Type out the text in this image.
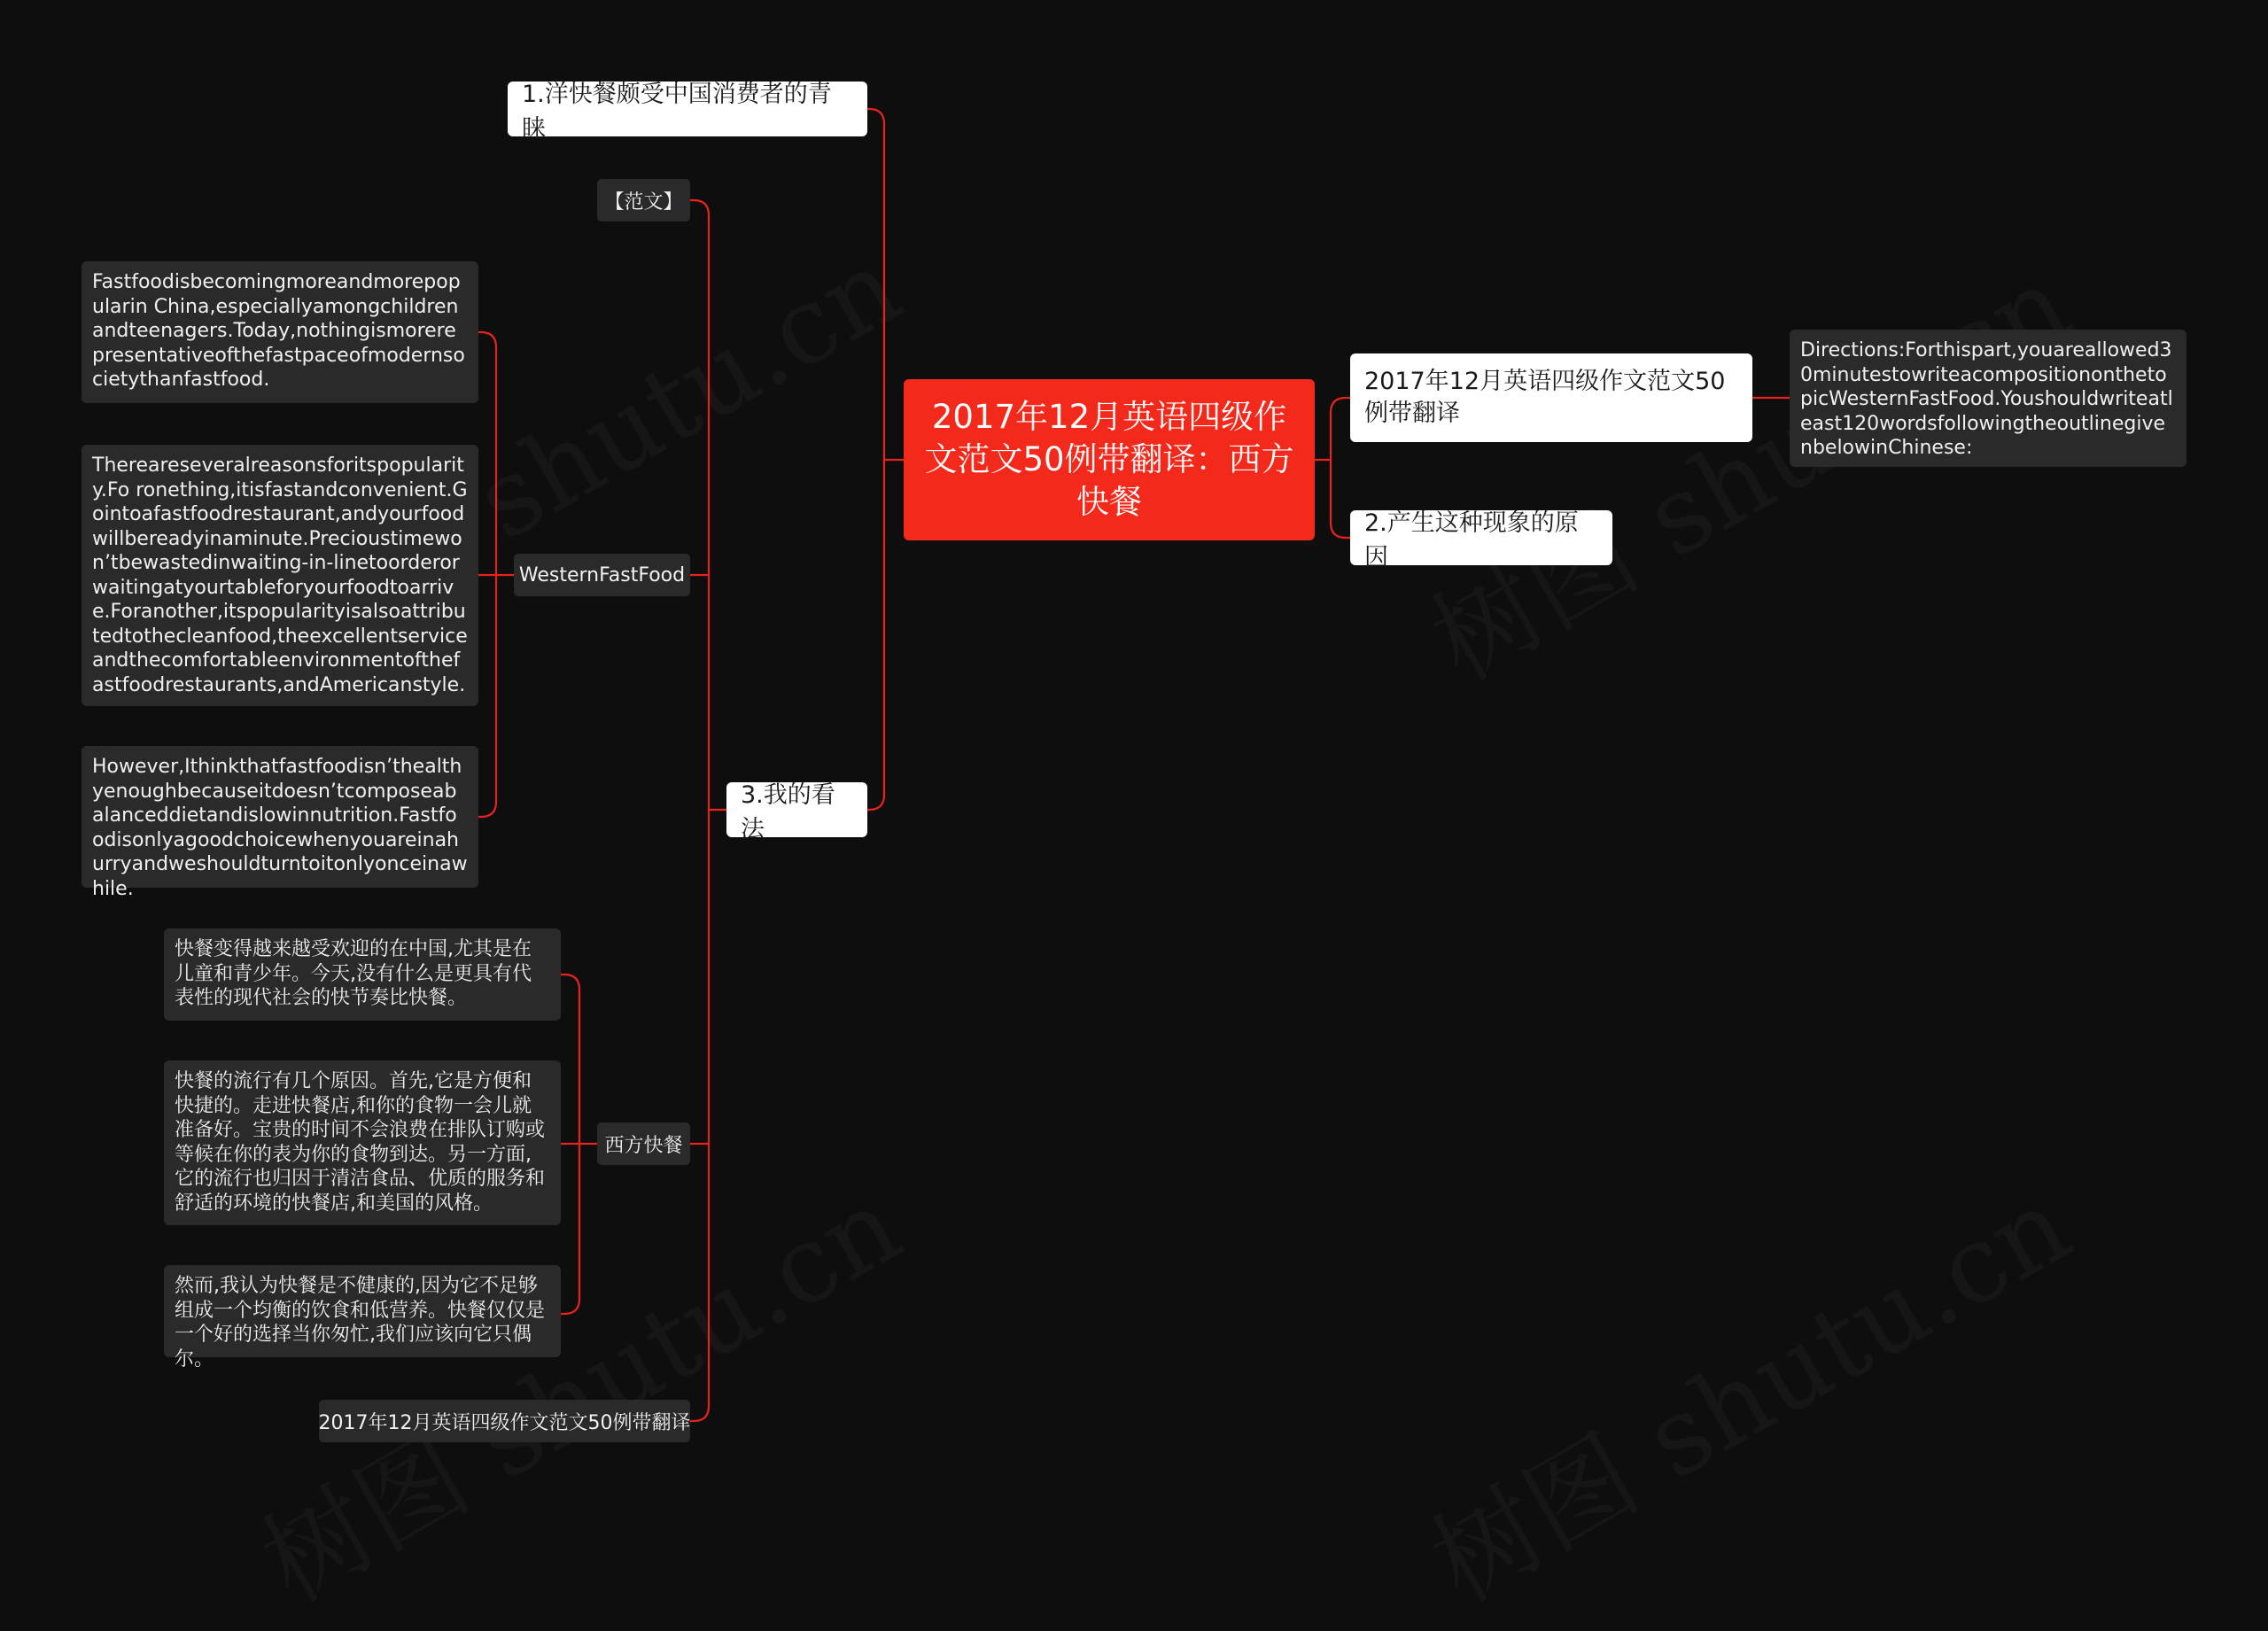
2017年12月英语四级作文范文50例带翻译：西方快餐
2017年12月英语四级作文范文50例带翻译
Directions:Forthispart,youareallowed30minutestowriteacompositiononthetopicWesternFastFood.Youshouldwriteatleast120wordsfollowingtheoutlinegivenbelowinChinese:
2.产生这种现象的原因
1.洋快餐颇受中国消费者的青睐
3.我的看法
【范文】
WesternFastFood
西方快餐
2017年12月英语四级作文范文50例带翻译
Fastfoodisbecomingmoreandmorepopularin China,especiallyamongchildrenandteenagers.Today,nothingismorerepresentativeofthefastpaceofmodernsocietythanfastfood.
Thereareseveralreasonsforitspopularity.Fo ronething,itisfastandconvenient.Gointoafastfoodrestaurant,andyourfoodwillbereadyinaminute.Precioustimewon’tbewastedinwaiting-in-linetoorderorwaitingatyourtableforyourfoodtoarrive.Foranother,itspopularityisalsoattributedtothecleanfood,theexcellentserviceandthecomfortableenvironmentofthefastfoodrestaurants,andAmericanstyle.
However,Ithinkthatfastfoodisn’thealthyenoughbecauseitdoesn’tcomposeabalanceddietandislowinnutrition.Fastfoodisonlyagoodchoicewhenyouareinahurryandweshouldturntoitonlyonceinawhile.
快餐变得越来越受欢迎的在中国,尤其是在儿童和青少年。今天,没有什么是更具有代表性的现代社会的快节奏比快餐。
快餐的流行有几个原因。首先,它是方便和快捷的。走进快餐店,和你的食物一会儿就准备好。宝贵的时间不会浪费在排队订购或等候在你的表为你的食物到达。另一方面,它的流行也归因于清洁食品、优质的服务和舒适的环境的快餐店,和美国的风格。
然而,我认为快餐是不健康的,因为它不足够组成一个均衡的饮食和低营养。快餐仅仅是一个好的选择当你匆忙,我们应该向它只偶尔。
